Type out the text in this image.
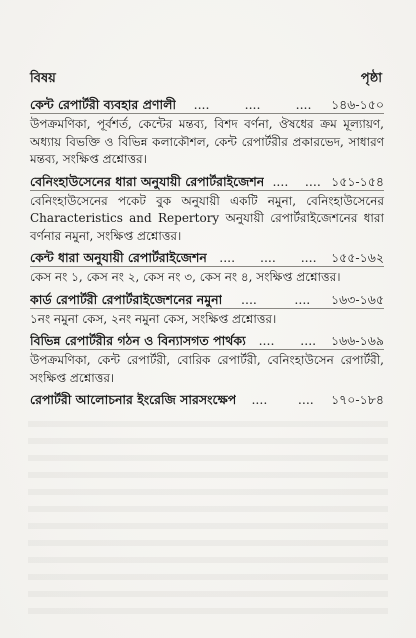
বিষয়	পৃষ্ঠা
কেন্ট রেপার্টরী ব্যবহার প্রণালী ....	....	.... ১৪৬-১৫০

উপক্রমণিকা, পূর্বশর্ত, কেন্টের মন্তব্য, বিশদ বর্ণনা, ঔষধের ক্রম মূল্যায়ণ, অধ্যায় বিভক্তি ও বিভিন্ন কলাকৌশল, কেন্ট রেপার্টরীর প্রকারভেদ, সাধারণ মন্তব্য, সংক্ষিপ্ত প্রশ্নোত্তর।

বেনিংহাউসেনের ধারা অনুযায়ী রেপার্টরাইজেশন .... .... ১৫১-১৫৪

বেনিংহাউসেনের পকেট বুক অনুযায়ী একটি নমুনা, বেনিংহাউসেনের Characteristics and Repertory অনুযায়ী রেপার্টরাইজেশনের ধারা বর্ণনার নমুনা, সংক্ষিপ্ত প্রশ্নোত্তর।

কেন্ট ধারা অনুযায়ী রেপার্টরাইজেশন .... .... .... ১৫৫-১৬২

কেস নং ১, কেস নং ২, কেস নং ৩, কেস নং ৪, সংক্ষিপ্ত প্রশ্নোত্তর।

কার্ড রেপার্টরী রেপার্টরাইজেশনের নমুনা ....	.... ১৬৩-১৬৫

১নং নমুনা কেস, ২নং নমুনা কেস, সংক্ষিপ্ত প্রশ্নোত্তর।

বিভিন্ন রেপার্টরীর গঠন ও বিন্যাসগত পার্থক্য .... .... ১৬৬-১৬৯

উপক্রমণিকা, কেন্ট রেপার্টরী, বোরিক রেপার্টরী, বেনিংহাউসেন রেপার্টরী, সংক্ষিপ্ত প্রশ্নোত্তর।

রেপার্টরী আলোচনার ইংরেজি সারসংক্ষেপ .... .... ১৭০-১৮৪
